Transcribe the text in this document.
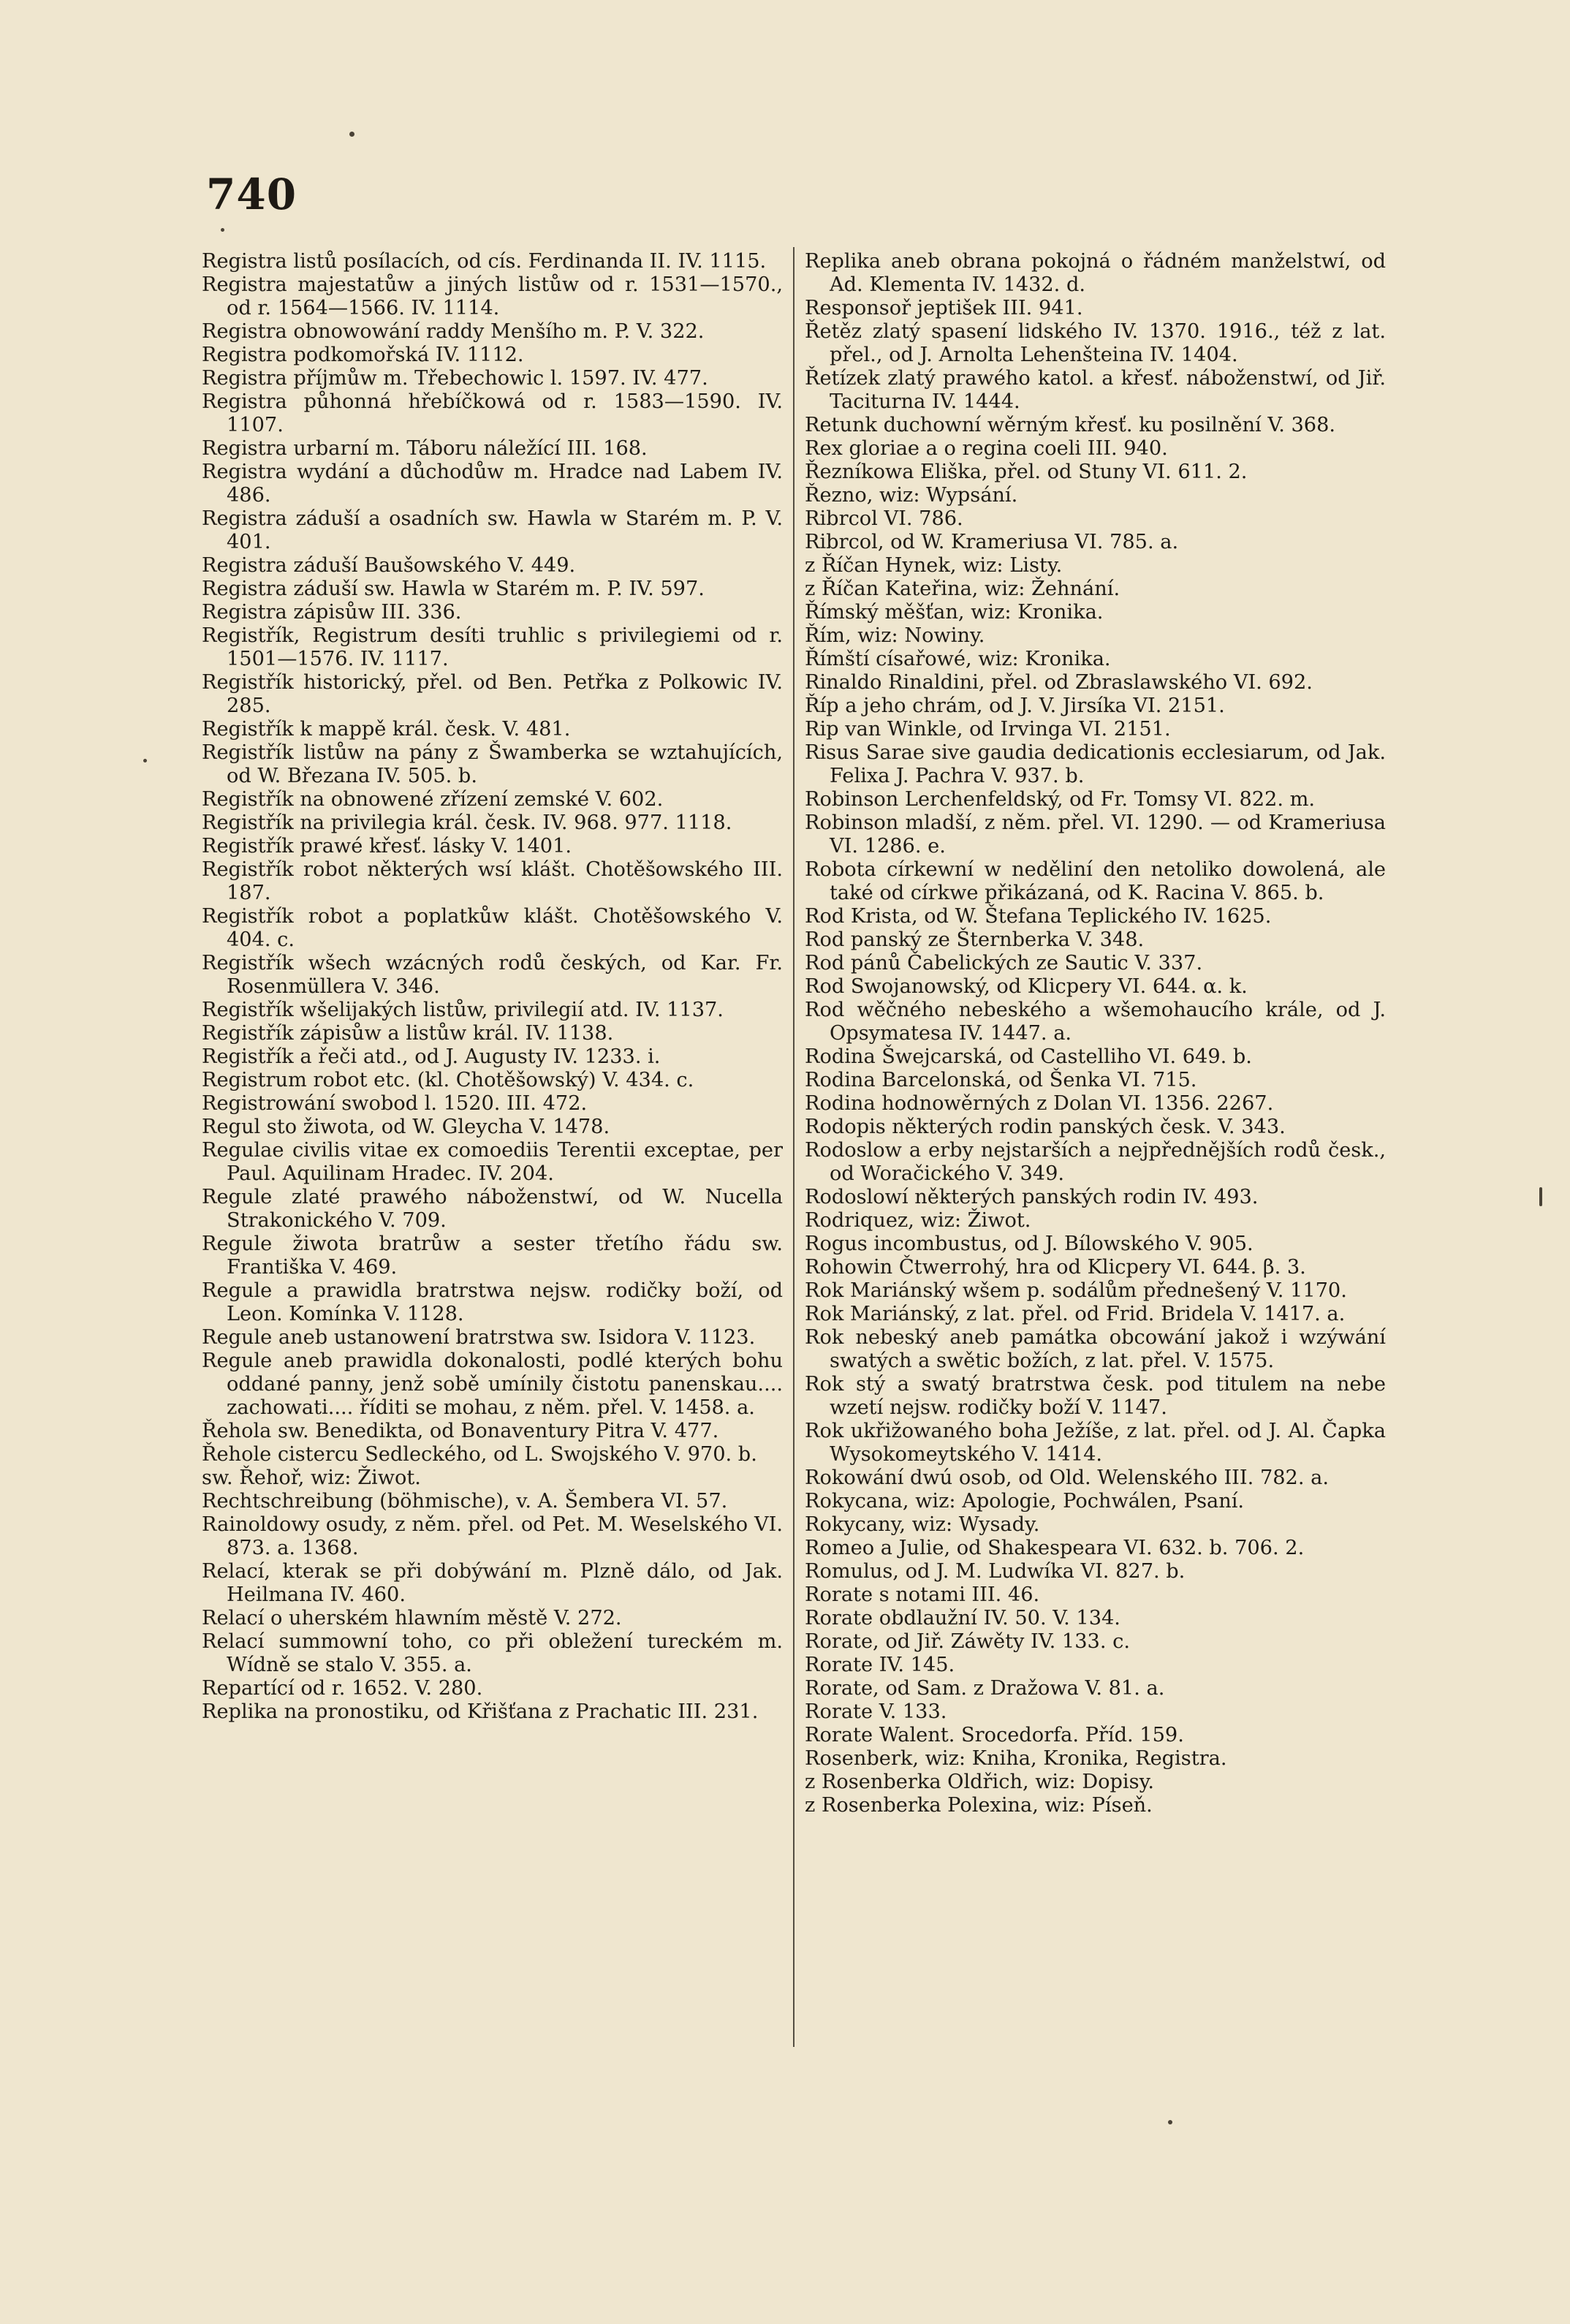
740
Registra listů posílacích, od cís. Ferdinanda II. IV. 1115.
Registra majestatůw a jiných listůw od r. 1531—1570., od r. 1564—1566. IV. 1114.
Registra obnowowání raddy Menšího m. P. V. 322.
Registra podkomořská IV. 1112.
Registra příjmůw m. Třebechowic l. 1597. IV. 477.
Registra půhonná hřebíčkowá od r. 1583—1590. IV. 1107.
Registra urbarní m. Táboru náležící III. 168.
Registra wydání a důchodůw m. Hradce nad Labem IV. 486.
Registra záduší a osadních sw. Hawla w Starém m. P. V. 401.
Registra záduší Baušowského V. 449.
Registra záduší sw. Hawla w Starém m. P. IV. 597.
Registra zápisůw III. 336.
Registřík, Registrum desíti truhlic s privilegiemi od r. 1501—1576. IV. 1117.
Registřík historický, přel. od Ben. Petřka z Polkowic IV. 285.
Registřík k mappě král. česk. V. 481.
Registřík listůw na pány z Šwamberka se wztahujících, od W. Březana IV. 505. b.
Registřík na obnowené zřízení zemské V. 602.
Registřík na privilegia král. česk. IV. 968. 977. 1118.
Registřík prawé křesť. lásky V. 1401.
Registřík robot některých wsí klášt. Chotěšowského III. 187.
Registřík robot a poplatkůw klášt. Chotěšowského V. 404. c.
Registřík wšech wzácných rodů českých, od Kar. Fr. Rosenmüllera V. 346.
Registřík wšelijakých listůw, privilegií atd. IV. 1137.
Registřík zápisůw a listůw král. IV. 1138.
Registřík a řeči atd., od J. Augusty IV. 1233. i.
Registrum robot etc. (kl. Chotěšowský) V. 434. c.
Registrowání swobod l. 1520. III. 472.
Regul sto žiwota, od W. Gleycha V. 1478.
Regulae civilis vitae ex comoediis Terentii exceptae, per Paul. Aquilinam Hradec. IV. 204.
Regule zlaté prawého náboženstwí, od W. Nucella Strakonického V. 709.
Regule žiwota bratrůw a sester třetího řádu sw. Františka V. 469.
Regule a prawidla bratrstwa nejsw. rodičky boží, od Leon. Komínka V. 1128.
Regule aneb ustanowení bratrstwa sw. Isidora V. 1123.
Regule aneb prawidla dokonalosti, podlé kterých bohu oddané panny, jenž sobě umínily čistotu panenskau.... zachowati.... říditi se mohau, z něm. přel. V. 1458. a.
Řehola sw. Benedikta, od Bonaventury Pitra V. 477.
Řehole cistercu Sedleckého, od L. Swojského V. 970. b.
sw. Řehoř, wiz: Žiwot.
Rechtschreibung (böhmische), v. A. Šembera VI. 57.
Rainoldowy osudy, z něm. přel. od Pet. M. Weselského VI. 873. a. 1368.
Relací, kterak se při dobýwání m. Plzně dálo, od Jak. Heilmana IV. 460.
Relací o uherském hlawním městě V. 272.
Relací summowní toho, co při obležení tureckém m. Wídně se stalo V. 355. a.
Repartící od r. 1652. V. 280.
Replika na pronostiku, od Křišťana z Prachatic III. 231.
Replika aneb obrana pokojná o řádném manželstwí, od Ad. Klementa IV. 1432. d.
Responsoř jeptišek III. 941.
Řetěz zlatý spasení lidského IV. 1370. 1916., též z lat. přel., od J. Arnolta Lehenšteina IV. 1404.
Řetízek zlatý prawého katol. a křesť. náboženstwí, od Jiř. Taciturna IV. 1444.
Retunk duchowní wěrným křesť. ku posilnění V. 368.
Rex gloriae a o regina coeli III. 940.
Řezníkowa Eliška, přel. od Stuny VI. 611. 2.
Řezno, wiz: Wypsání.
Ribrcol VI. 786.
Ribrcol, od W. Krameriusa VI. 785. a.
z Říčan Hynek, wiz: Listy.
z Říčan Kateřina, wiz: Žehnání.
Římský měšťan, wiz: Kronika.
Řím, wiz: Nowiny.
Římští císařowé, wiz: Kronika.
Rinaldo Rinaldini, přel. od Zbraslawského VI. 692.
Říp a jeho chrám, od J. V. Jirsíka VI. 2151.
Rip van Winkle, od Irvinga VI. 2151.
Risus Sarae sive gaudia dedicationis ecclesiarum, od Jak. Felixa J. Pachra V. 937. b.
Robinson Lerchenfeldský, od Fr. Tomsy VI. 822. m.
Robinson mladší, z něm. přel. VI. 1290. — od Krameriusa VI. 1286. e.
Robota církewní w neděliní den netoliko dowolená, ale také od církwe přikázaná, od K. Racina V. 865. b.
Rod Krista, od W. Štefana Teplického IV. 1625.
Rod panský ze Šternberka V. 348.
Rod pánů Čabelických ze Sautic V. 337.
Rod Swojanowský, od Klicpery VI. 644. α. k.
Rod wěčného nebeského a wšemohaucího krále, od J. Opsymatesa IV. 1447. a.
Rodina Šwejcarská, od Castelliho VI. 649. b.
Rodina Barcelonská, od Šenka VI. 715.
Rodina hodnowěrných z Dolan VI. 1356. 2267.
Rodopis některých rodin panských česk. V. 343.
Rodoslow a erby nejstarších a nejpřednějších rodů česk., od Woračického V. 349.
Rodoslowí některých panských rodin IV. 493.
Rodriquez, wiz: Žiwot.
Rogus incombustus, od J. Bílowského V. 905.
Rohowin Čtwerrohý, hra od Klicpery VI. 644. β. 3.
Rok Mariánský wšem p. sodálům přednešený V. 1170.
Rok Mariánský, z lat. přel. od Frid. Bridela V. 1417. a.
Rok nebeský aneb památka obcowání jakož i wzýwání swatých a swětic božích, z lat. přel. V. 1575.
Rok stý a swatý bratrstwa česk. pod titulem na nebe wzetí nejsw. rodičky boží V. 1147.
Rok ukřižowaného boha Ježíše, z lat. přel. od J. Al. Čapka Wysokomeytského V. 1414.
Rokowání dwú osob, od Old. Welenského III. 782. a.
Rokycana, wiz: Apologie, Pochwálen, Psaní.
Rokycany, wiz: Wysady.
Romeo a Julie, od Shakespeara VI. 632. b. 706. 2.
Romulus, od J. M. Ludwíka VI. 827. b.
Rorate s notami III. 46.
Rorate obdlaužní IV. 50. V. 134.
Rorate, od Jiř. Záwěty IV. 133. c.
Rorate IV. 145.
Rorate, od Sam. z Dražowa V. 81. a.
Rorate V. 133.
Rorate Walent. Srocedorfa. Příd. 159.
Rosenberk, wiz: Kniha, Kronika, Registra.
z Rosenberka Oldřich, wiz: Dopisy.
z Rosenberka Polexina, wiz: Píseň.
